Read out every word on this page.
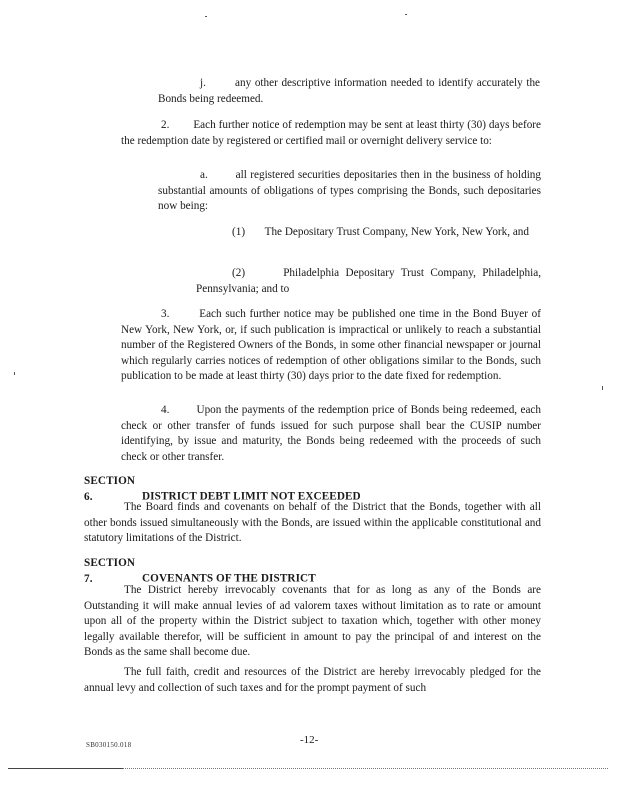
j.        any other descriptive information needed to identify accurately the Bonds being redeemed.

2.        Each further notice of redemption may be sent at least thirty (30) days before the redemption date by registered or certified mail or overnight delivery service to:

a.        all registered securities depositaries then in the business of holding substantial amounts of obligations of types comprising the Bonds, such depositaries now being:

(1)       The Depositary Trust Company, New York, New York, and

(2)      Philadelphia Depositary Trust Company, Philadelphia, Pennsylvania; and to

3.        Each such further notice may be published one time in the Bond Buyer of New York, New York, or, if such publication is impractical or unlikely to reach a substantial number of the Registered Owners of the Bonds, in some other financial newspaper or journal which regularly carries notices of redemption of other obligations similar to the Bonds, such publication to be made at least thirty (30) days prior to the date fixed for redemption.

4.        Upon the payments of the redemption price of Bonds being redeemed, each check or other transfer of funds issued for such purpose shall bear the CUSIP number identifying, by issue and maturity, the Bonds being redeemed with the proceeds of such check or other transfer.

SECTION 6.	DISTRICT DEBT LIMIT NOT EXCEEDED

The Board finds and covenants on behalf of the District that the Bonds, together with all other bonds issued simultaneously with the Bonds, are issued within the applicable constitutional and statutory limitations of the District.

SECTION 7.	COVENANTS OF THE DISTRICT

The District hereby irrevocably covenants that for as long as any of the Bonds are Outstanding it will make annual levies of ad valorem taxes without limitation as to rate or amount upon all of the property within the District subject to taxation which, together with other money legally available therefor, will be sufficient in amount to pay the principal of and interest on the Bonds as the same shall become due.

The full faith, credit and resources of the District are hereby irrevocably pledged for the annual levy and collection of such taxes and for the prompt payment of such

SB030150.018	-12-
